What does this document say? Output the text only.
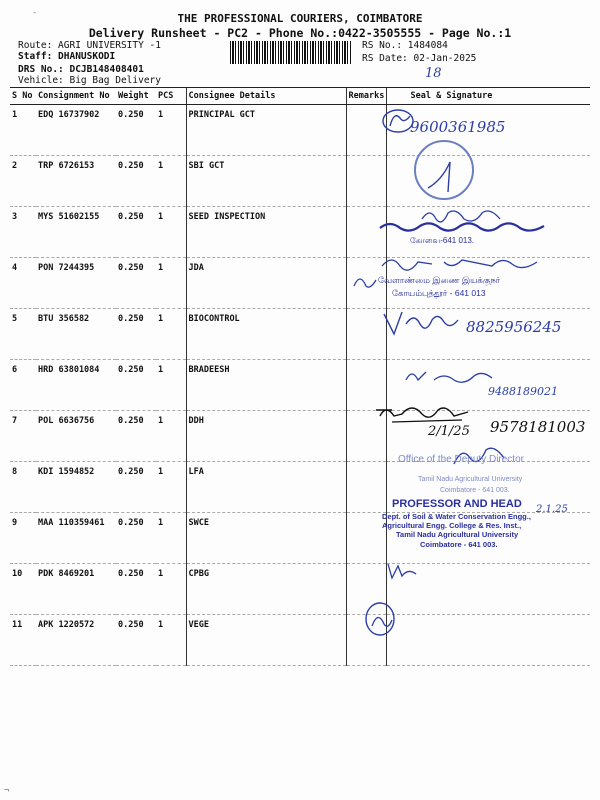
-	THE PROFESSIONAL COURIERS, COIMBATORE
Delivery Runsheet - PC2 - Phone No.:0422-3505555 - Page No.:1
Route: AGRI UNIVERSITY -1
Staff: DHANUSKODI
DRS No.: DCJB148408401
Vehicle: Big Bag Delivery
RS No.: 1484084
RS Date: 02-Jan-2025
18
S No	Consignment No	Weight	PCS	Consignee Details	Remarks	Seal & Signature
1	EDQ 16737902	0.250	1	PRINCIPAL GCT		
2	TRP 6726153	0.250	1	SBI GCT		
3	MYS 51602155	0.250	1	SEED INSPECTION		
4	PON 7244395	0.250	1	JDA		
5	BTU 356582	0.250	1	BIOCONTROL		
6	HRD 63801084	0.250	1	BRADEESH		
7	POL 6636756	0.250	1	DDH		
8	KDI 1594852	0.250	1	LFA		
9	MAA 110359461	0.250	1	SWCE		
10	PDK 8469201	0.250	1	CPBG		
11	APK 1220572	0.250	1	VEGE		
9600361985
கோவை-641 013.
வேளாண்மை இணை இயக்குநர்
கோயம்புத்தூர் - 641 013
8825956245
9488189021
2/1/25 9578181003
Office of the Deputy Director
Tamil Nadu Agricultural University
Coimbatore - 641 003.
PROFESSOR AND HEAD
Dept. of Soil & Water Conservation Engg.,
Agricultural Engg. College & Res. Inst.,
Tamil Nadu Agricultural University
Coimbatore - 641 003.
2.1.25
¬
